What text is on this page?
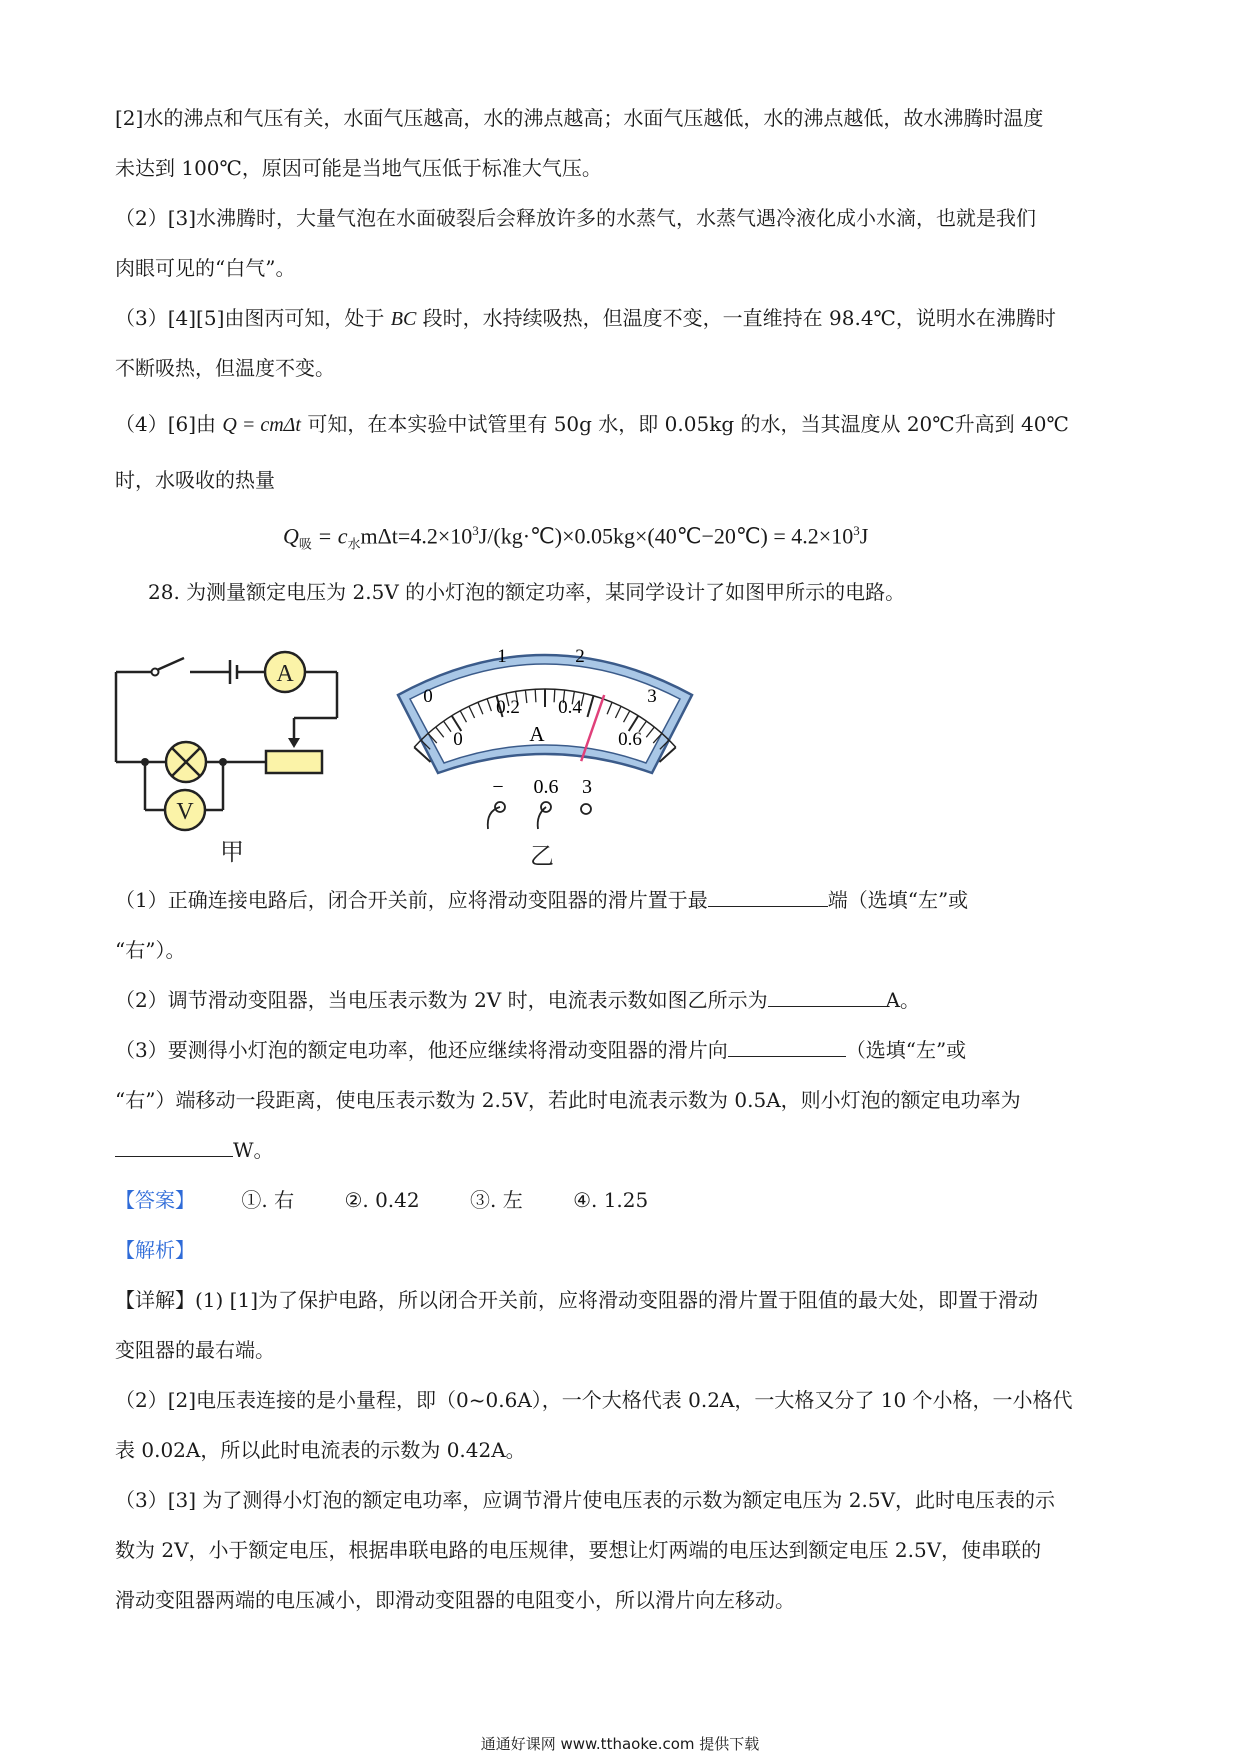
[2]水的沸点和气压有关，水面气压越高，水的沸点越高；水面气压越低，水的沸点越低，故水沸腾时温度
未达到 100℃，原因可能是当地气压低于标准大气压。
（2）[3]水沸腾时，大量气泡在水面破裂后会释放许多的水蒸气，水蒸气遇冷液化成小水滴，也就是我们
肉眼可见的“白气”。
（3）[4][5]由图丙可知，处于 BC 段时，水持续吸热，但温度不变，一直维持在 98.4℃，说明水在沸腾时
不断吸热，但温度不变。
（4）[6]由 Q = cmΔt 可知，在本实验中试管里有 50g 水，即 0.05kg 的水，当其温度从 20℃升高到 40℃
时，水吸收的热量
$Q_吸$ = $c_水m\Delta t=4.2\times 10^3J/(kg\cdot℃)\times 0.05kg\times(40℃-20℃) = 4.2\times 10^3J$
28. 为测量额定电压为 2.5V 的小灯泡的额定功率，某同学设计了如图甲所示的电路。
A
V
甲
0
1	2
3
0
0.2 0.4
0.6
A
− 0.6 3
乙
（1）正确连接电路后，闭合开关前，应将滑动变阻器的滑片置于最	端（选填“左”或
“右”）。
（2）调节滑动变阻器，当电压表示数为 2V 时，电流表示数如图乙所示为	A。
（3）要测得小灯泡的额定电功率，他还应继续将滑动变阻器的滑片向	（选填“左”或
“右”）端移动一段距离，使电压表示数为 2.5V，若此时电流表示数为 0.5A，则小灯泡的额定电功率为
W。
【答案】 ①. 右	②. 0.42	③. 左	④. 1.25
【解析】
【详解】(1) [1]为了保护电路，所以闭合开关前，应将滑动变阻器的滑片置于阻值的最大处，即置于滑动
变阻器的最右端。
（2）[2]电压表连接的是小量程，即（0~0.6A），一个大格代表 0.2A，一大格又分了 10 个小格，一小格代
表 0.02A，所以此时电流表的示数为 0.42A。
（3）[3] 为了测得小灯泡的额定电功率，应调节滑片使电压表的示数为额定电压为 2.5V，此时电压表的示
数为 2V，小于额定电压，根据串联电路的电压规律，要想让灯两端的电压达到额定电压 2.5V，使串联的
滑动变阻器两端的电压减小，即滑动变阻器的电阻变小，所以滑片向左移动。
通通好课网 www.tthaoke.com 提供下载
